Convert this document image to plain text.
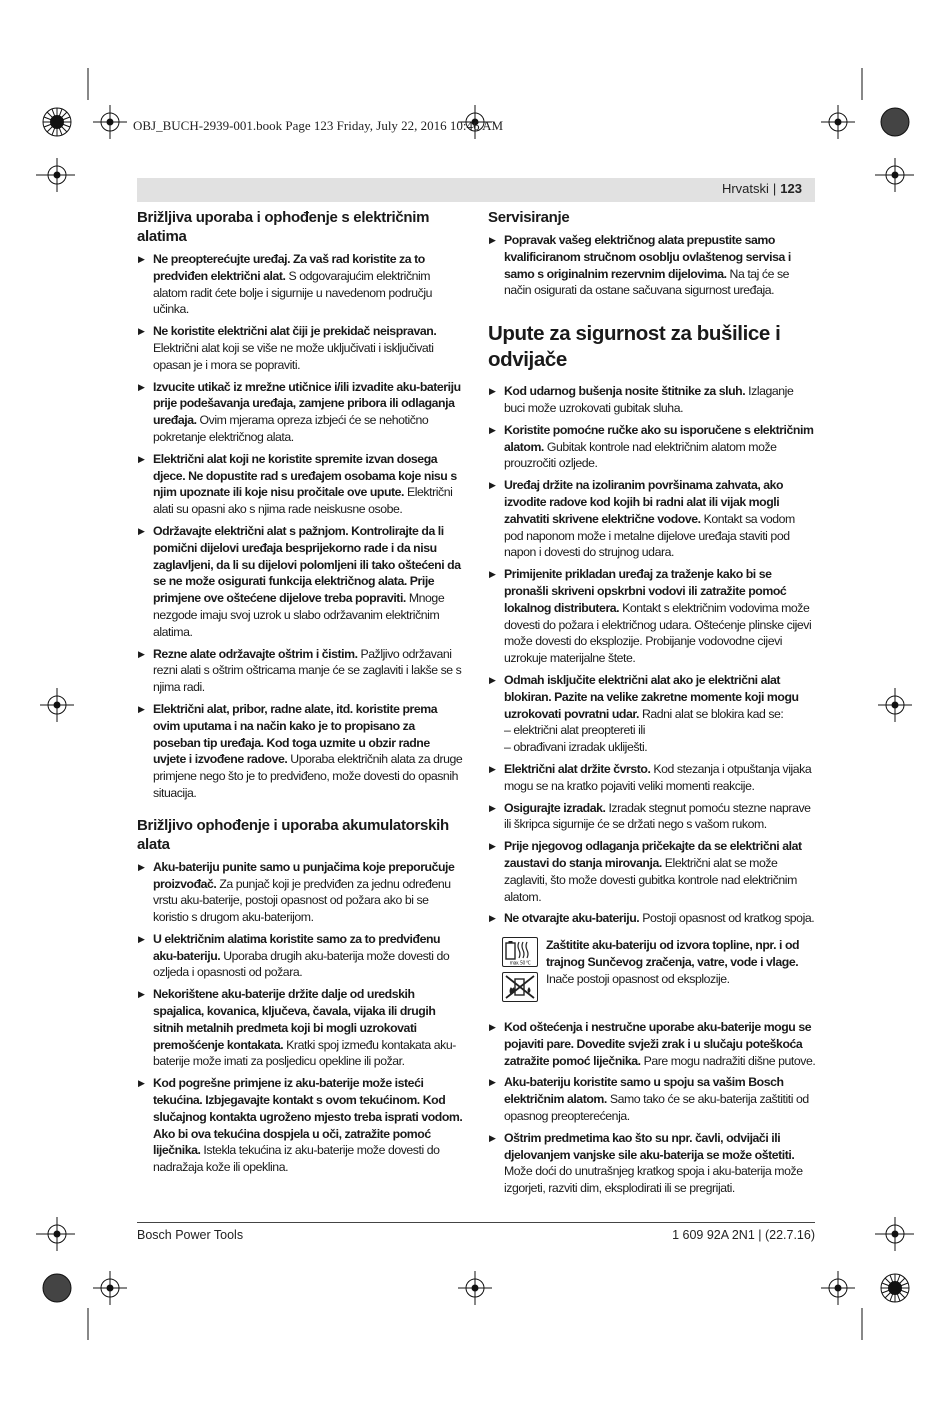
OBJ_BUCH-2939-001.book Page 123 Friday, July 22, 2016 10:46 AM
Hrvatski | 123
Brižljiva uporaba i ophođenje s električnim alatima
▶ Ne preopterećujte uređaj. Za vaš rad koristite za to predviđen električni alat. S odgovarajućim električnim alatom radit ćete bolje i sigurnije u navedenom području učinka.
▶ Ne koristite električni alat čiji je prekidač neispravan. Električni alat koji se više ne može uključivati i isključivati opasan je i mora se popraviti.
▶ Izvucite utikač iz mrežne utičnice i/ili izvadite aku-bateriju prije podešavanja uređaja, zamjene pribora ili odlaganja uređaja. Ovim mjerama opreza izbjeći će se nehotično pokretanje električnog alata.
▶ Električni alat koji ne koristite spremite izvan dosega djece. Ne dopustite rad s uređajem osobama koje nisu s njim upoznate ili koje nisu pročitale ove upute. Električni alati su opasni ako s njima rade neiskusne osobe.
▶ Održavajte električni alat s pažnjom. Kontrolirajte da li pomični dijelovi uređaja besprijekorno rade i da nisu zaglavljeni, da li su dijelovi polomljeni ili tako oštećeni da se ne može osigurati funkcija električnog alata. Prije primjene ove oštećene dijelove treba popraviti. Mnoge nezgode imaju svoj uzrok u slabo održavanim električnim alatima.
▶ Rezne alate održavajte oštrim i čistim. Pažljivo održavani rezni alati s oštrim oštricama manje će se zaglaviti i lakše se s njima radi.
▶ Električni alat, pribor, radne alate, itd. koristite prema ovim uputama i na način kako je to propisano za poseban tip uređaja. Kod toga uzmite u obzir radne uvjete i izvođene radove. Uporaba električnih alata za druge primjene nego što je to predviđeno, može dovesti do opasnih situacija.
Brižljivo ophođenje i uporaba akumulatorskih alata
▶ Aku-bateriju punite samo u punjačima koje preporučuje proizvođač. Za punjač koji je predviđen za jednu određenu vrstu aku-baterije, postoji opasnost od požara ako bi se koristio s drugom aku-baterijom.
▶ U električnim alatima koristite samo za to predviđenu aku-bateriju. Uporaba drugih aku-baterija može dovesti do ozljeda i opasnosti od požara.
▶ Nekorištene aku-baterije držite dalje od uredskih spajalica, kovanica, ključeva, čavala, vijaka ili drugih sitnih metalnih predmeta koji bi mogli uzrokovati premošćenje kontakata. Kratki spoj između kontakata aku-baterije može imati za posljedicu opekline ili požar.
▶ Kod pogrešne primjene iz aku-baterije može isteći tekućina. Izbjegavajte kontakt s ovom tekućinom. Kod slučajnog kontakta ugroženo mjesto treba isprati vodom. Ako bi ova tekućina dospjela u oči, zatražite pomoć liječnika. Istekla tekućina iz aku-baterije može dovesti do nadražaja kože ili opeklina.
Servisiranje
▶ Popravak vašeg električnog alata prepustite samo kvalificiranom stručnom osoblju ovlaštenog servisa i samo s originalnim rezervnim dijelovima. Na taj će se način osigurati da ostane sačuvana sigurnost uređaja.
Upute za sigurnost za bušilice i odvijače
▶ Kod udarnog bušenja nosite štitnike za sluh. Izlaganje buci može uzrokovati gubitak sluha.
▶ Koristite pomoćne ručke ako su isporučene s električnim alatom. Gubitak kontrole nad električnim alatom može prouzročiti ozljede.
▶ Uređaj držite na izoliranim površinama zahvata, ako izvodite radove kod kojih bi radni alat ili vijak mogli zahvatiti skrivene električne vodove. Kontakt sa vodom pod naponom može i metalne dijelove uređaja staviti pod napon i dovesti do strujnog udara.
▶ Primijenite prikladan uređaj za traženje kako bi se pronašli skriveni opskrbni vodovi ili zatražite pomoć lokalnog distributera. Kontakt s električnim vodovima može dovesti do požara i električnog udara. Oštećenje plinske cijevi može dovesti do eksplozije. Probijanje vodovodne cijevi uzrokuje materijalne štete.
▶ Odmah isključite električni alat ako je električni alat blokiran. Pazite na velike zakretne momente koji mogu uzrokovati povratni udar. Radni alat se blokira kad se:
– električni alat preoptereti ili
– obrađivani izradak ukliješti.
▶ Električni alat držite čvrsto. Kod stezanja i otpuštanja vijaka mogu se na kratko pojaviti veliki momenti reakcije.
▶ Osigurajte izradak. Izradak stegnut pomoću stezne naprave ili škripca sigurnije će se držati nego s vašom rukom.
▶ Prije njegovog odlaganja pričekajte da se električni alat zaustavi do stanja mirovanja. Električni alat se može zaglaviti, što može dovesti gubitka kontrole nad električnim alatom.
▶ Ne otvarajte aku-bateriju. Postoji opasnost od kratkog spoja.
max. 50 °C
Zaštitite aku-bateriju od izvora topline, npr. i od trajnog Sunčevog zračenja, vatre, vode i vlage. Inače postoji opasnost od eksplozije.
▶ Kod oštećenja i nestručne uporabe aku-baterije mogu se pojaviti pare. Dovedite svježi zrak i u slučaju poteškoća zatražite pomoć liječnika. Pare mogu nadražiti dišne putove.
▶ Aku-bateriju koristite samo u spoju sa vašim Bosch električnim alatom. Samo tako će se aku-baterija zaštititi od opasnog preopterećenja.
▶ Oštrim predmetima kao što su npr. čavli, odvijači ili djelovanjem vanjske sile aku-baterija se može oštetiti. Može doći do unutrašnjeg kratkog spoja i aku-baterija može izgorjeti, razviti dim, eksplodirati ili se pregrijati.
Bosch Power Tools	1 609 92A 2N1 | (22.7.16)
